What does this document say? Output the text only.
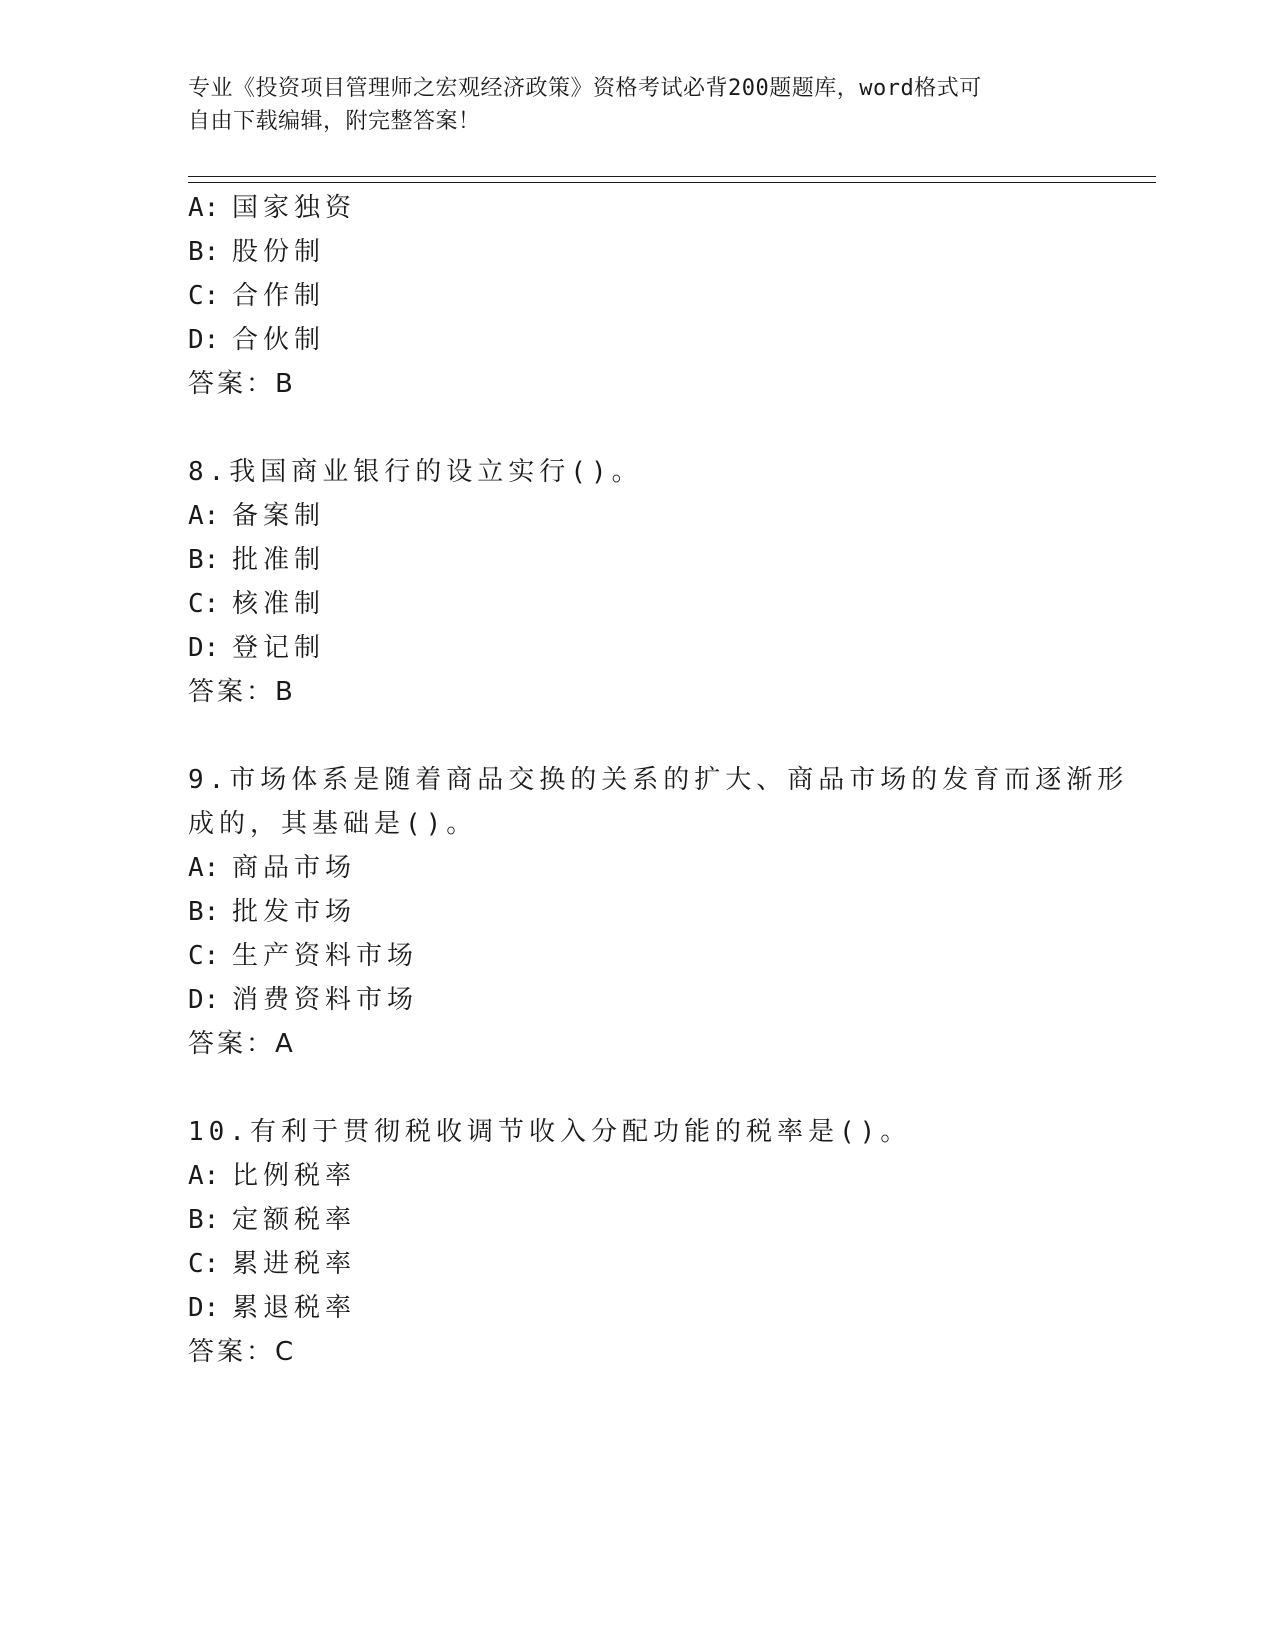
专业《投资项目管理师之宏观经济政策》资格考试必背200题题库，word格式可
自由下载编辑，附完整答案！
A: 国家独资
B: 股份制
C: 合作制
D: 合伙制
答案：B
8.我国商业银行的设立实行()。
A: 备案制
B: 批准制
C: 核准制
D: 登记制
答案：B
9.市场体系是随着商品交换的关系的扩大、商品市场的发育而逐渐形
成的，其基础是()。
A: 商品市场
B: 批发市场
C: 生产资料市场
D: 消费资料市场
答案：A
10.有利于贯彻税收调节收入分配功能的税率是()。
A: 比例税率
B: 定额税率
C: 累进税率
D: 累退税率
答案：C
